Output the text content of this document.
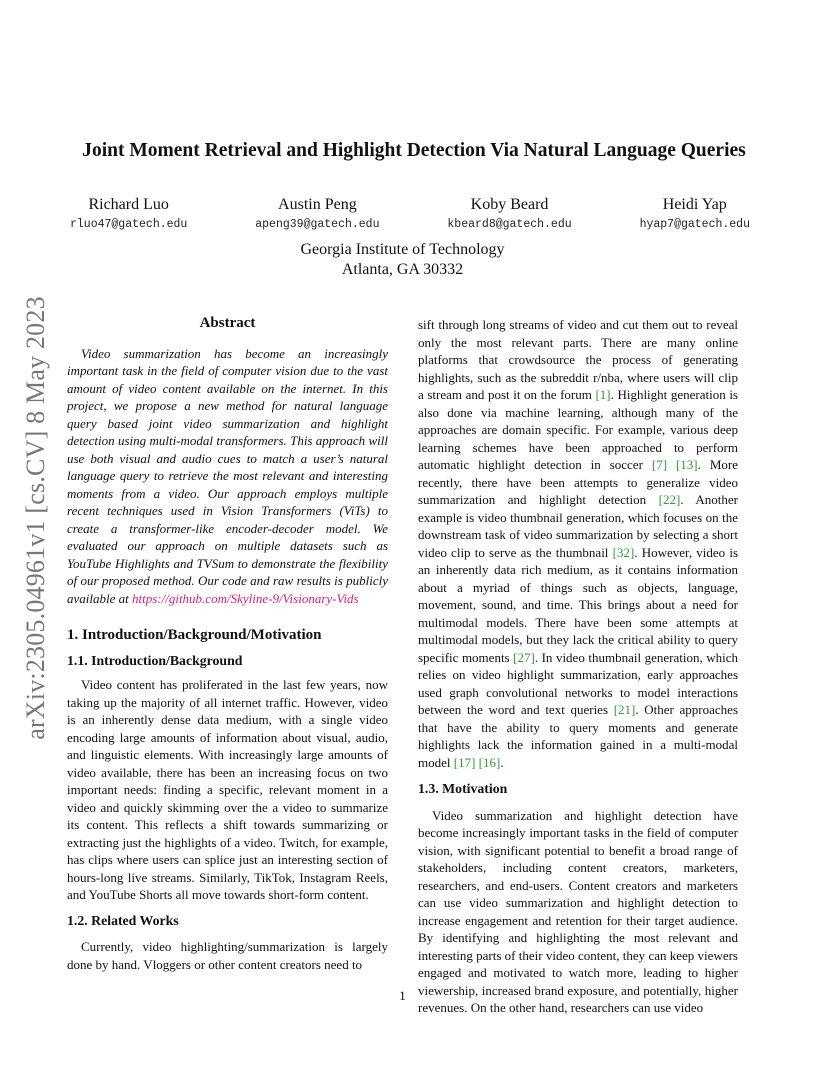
arXiv:2305.04961v1 [cs.CV] 8 May 2023
Joint Moment Retrieval and Highlight Detection Via Natural Language Queries
Richard Luo
rluo47@gatech.edu
Austin Peng
apeng39@gatech.edu
Koby Beard
kbeard8@gatech.edu
Heidi Yap
hyap7@gatech.edu
Georgia Institute of Technology
Atlanta, GA 30332
Abstract

Video summarization has become an increasingly important task in the field of computer vision due to the vast amount of video content available on the internet. In this project, we propose a new method for natural language query based joint video summarization and highlight detection using multi-modal transformers. This approach will use both visual and audio cues to match a user’s natural language query to retrieve the most relevant and interesting moments from a video. Our approach employs multiple recent techniques used in Vision Transformers (ViTs) to create a transformer-like encoder-decoder model. We evaluated our approach on multiple datasets such as YouTube Highlights and TVSum to demonstrate the flexibility of our proposed method. Our code and raw results is publicly available at https://github.com/Skyline-9/Visionary-Vids

1. Introduction/Background/Motivation
1.1. Introduction/Background

Video content has proliferated in the last few years, now taking up the majority of all internet traffic. However, video is an inherently dense data medium, with a single video encoding large amounts of information about visual, audio, and linguistic elements. With increasingly large amounts of video available, there has been an increasing focus on two important needs: finding a specific, relevant moment in a video and quickly skimming over the a video to summarize its content. This reflects a shift towards summarizing or extracting just the highlights of a video. Twitch, for example, has clips where users can splice just an interesting section of hours-long live streams. Similarly, TikTok, Instagram Reels, and YouTube Shorts all move towards short-form content.

1.2. Related Works

Currently, video highlighting/summarization is largely done by hand. Vloggers or other content creators need to

sift through long streams of video and cut them out to reveal only the most relevant parts. There are many online platforms that crowdsource the process of generating highlights, such as the subreddit r/nba, where users will clip a stream and post it on the forum [1]. Highlight generation is also done via machine learning, although many of the approaches are domain specific. For example, various deep learning schemes have been approached to perform automatic highlight detection in soccer [7] [13]. More recently, there have been attempts to generalize video summarization and highlight detection [22]. Another example is video thumbnail generation, which focuses on the downstream task of video summarization by selecting a short video clip to serve as the thumbnail [32]. However, video is an inherently data rich medium, as it contains information about a myriad of things such as objects, language, movement, sound, and time. This brings about a need for multimodal models. There have been some attempts at multimodal models, but they lack the critical ability to query specific moments [27]. In video thumbnail generation, which relies on video highlight summarization, early approaches used graph convolutional networks to model interactions between the word and text queries [21]. Other approaches that have the ability to query moments and generate highlights lack the information gained in a multi-modal model [17] [16].

1.3. Motivation

Video summarization and highlight detection have become increasingly important tasks in the field of computer vision, with significant potential to benefit a broad range of stakeholders, including content creators, marketers, researchers, and end-users. Content creators and marketers can use video summarization and highlight detection to increase engagement and retention for their target audience. By identifying and highlighting the most relevant and interesting parts of their video content, they can keep viewers engaged and motivated to watch more, leading to higher viewership, increased brand exposure, and potentially, higher revenues. On the other hand, researchers can use video

1
